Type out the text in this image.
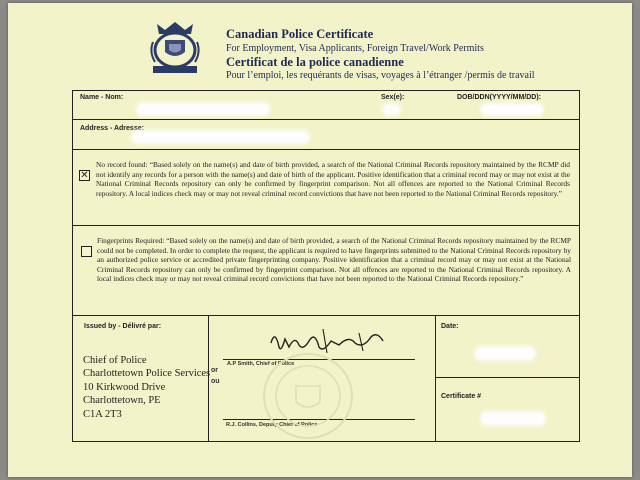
Canadian Police Certificate
For Employment, Visa Applicants, Foreign Travel/Work Permits
Certificat de la police canadienne
Pour l’emploi, les requérants de visas, voyages à l’étranger /permis de travail
Name - Nom:	Sex(e):	DOB/DDN(YYYY/MM/DD):
Address - Adresse:
✕
No record found: “Based solely on the name(s) and date of birth provided, a search of the National Criminal Records repository maintained by the RCMP did not identify any records for a person with the name(s) and date of birth of the applicant. Positive identification that a criminal record may or may not exist at the National Criminal Records repository can only be confirmed by fingerprint comparison. Not all offences are reported to the National Criminal Records repository. A local indices check may or may not reveal criminal record convictions that have not been reported to the National Criminal Records repository.”
Fingerprints Required: “Based solely on the name(s) and date of birth provided, a search of the National Criminal Records repository maintained by the RCMP could not be completed. In order to complete the request, the applicant is required to have fingerprints submitted to the National Criminal Records repository by an authorized police service or accredited private fingerprinting company. Positive identification that a criminal record may or may not exist at the National Criminal Records repository can only be confirmed by fingerprint comparison. Not all offences are reported to the National Criminal Records repository. A local indices check may or may not reveal criminal record convictions that have not been reported to the National Criminal Records repository.”
Issued by - Délivré par:
Chief of Police
Charlottetown Police Services
10 Kirkwood Drive
Charlottetown, PE
C1A 2T3
A.P Smith, Chief of Police
or
ou
R.J. Collins, Deputy Chief of Police
Date:
Certificate #
